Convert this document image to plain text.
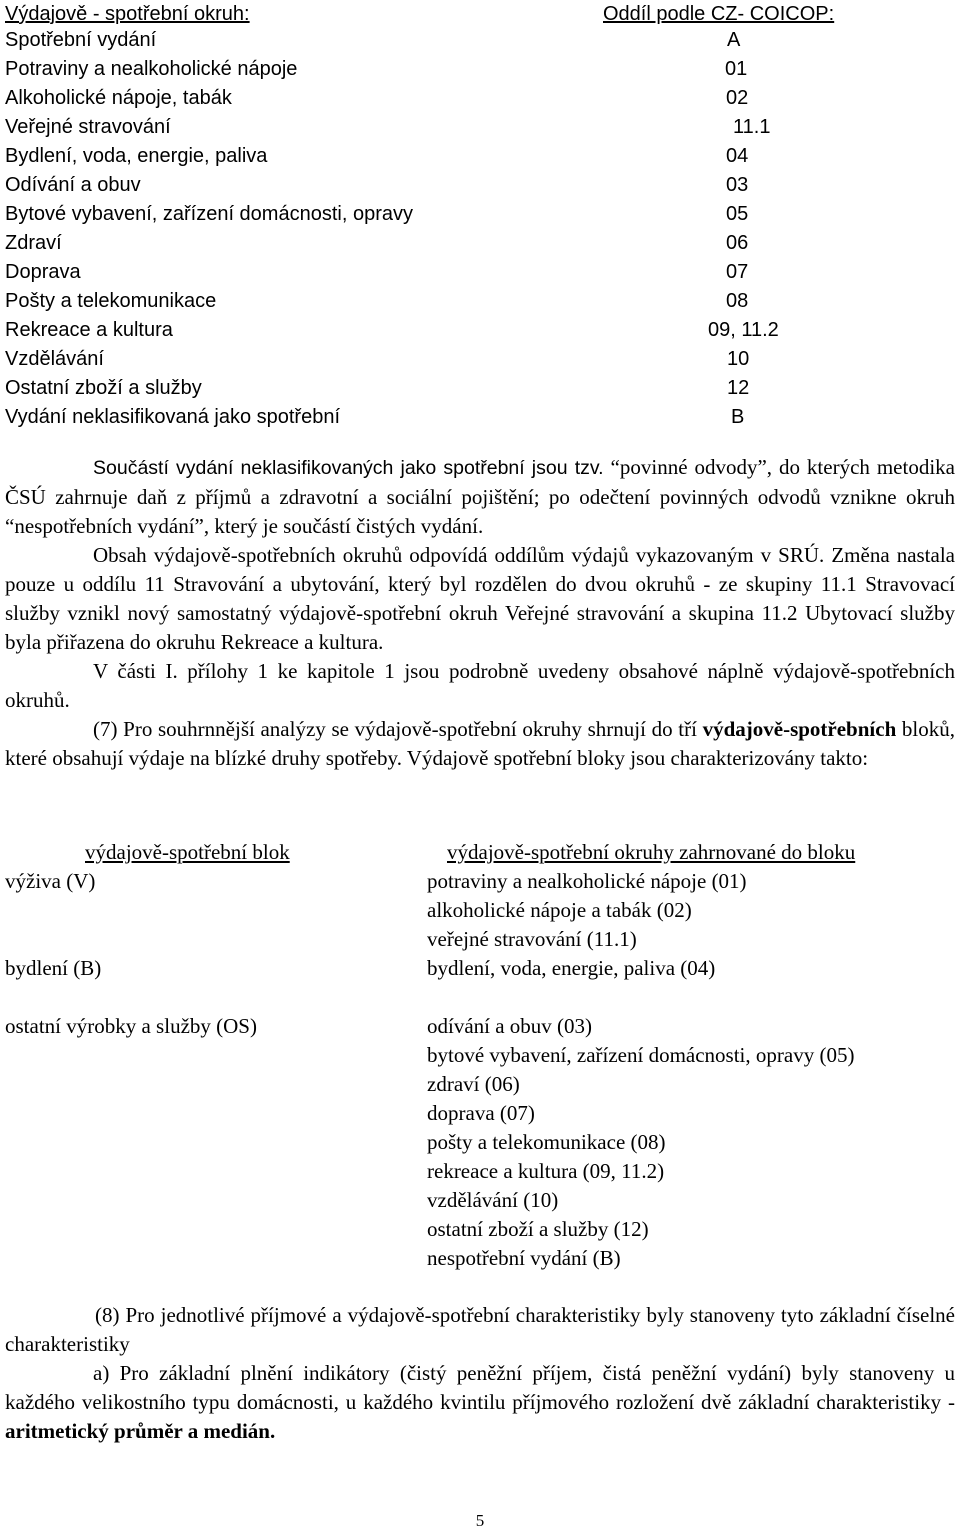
Výdajově - spotřební okruh:	Oddíl podle CZ- COICOP:
Spotřební vydání	A
Potraviny a nealkoholické nápoje	01
Alkoholické nápoje, tabák	02
Veřejné stravování	11.1
Bydlení, voda, energie, paliva	04
Odívání a obuv	03
Bytové vybavení, zařízení domácnosti, opravy	05
Zdraví	06
Doprava	07
Pošty a telekomunikace	08
Rekreace a kultura	09, 11.2
Vzdělávání	10
Ostatní zboží a služby	12
Vydání neklasifikovaná jako spotřební	B

Součástí vydání neklasifikovaných jako spotřební jsou tzv. “povinné odvody”, do kterých metodika ČSÚ zahrnuje daň z příjmů a zdravotní a sociální pojištění; po odečtení povinných odvodů vznikne okruh “nespotřebních vydání”, který je součástí čistých vydání.

Obsah výdajově-spotřebních okruhů odpovídá oddílům výdajů vykazovaným v SRÚ. Změna nastala pouze u oddílu 11 Stravování a ubytování, který byl rozdělen do dvou okruhů - ze skupiny 11.1 Stravovací služby vznikl nový samostatný výdajově-spotřební okruh Veřejné stravování a skupina 11.2 Ubytovací služby byla přiřazena do okruhu Rekreace a kultura.

V části I. přílohy 1 ke kapitole 1 jsou podrobně uvedeny obsahové náplně výdajově-spotřebních okruhů.

(7) Pro souhrnnější analýzy se výdajově-spotřební okruhy shrnují do tří výdajově-spotřebních bloků, které obsahují výdaje na blízké druhy spotřeby. Výdajově spotřební bloky jsou charakterizovány takto:

výdajově-spotřební blok	výdajově-spotřební okruhy zahrnované do bloku
výživa (V)	potraviny a nealkoholické nápoje (01)
alkoholické nápoje a tabák (02)
veřejné stravování (11.1)
bydlení (B)	bydlení, voda, energie, paliva (04)
ostatní výrobky a služby (OS)	odívání a obuv (03)
bytové vybavení, zařízení domácnosti, opravy (05)
zdraví (06)
doprava (07)
pošty a telekomunikace (08)
rekreace a kultura (09, 11.2)
vzdělávání (10)
ostatní zboží a služby (12)
nespotřební vydání (B)

(8) Pro jednotlivé příjmové a výdajově-spotřební charakteristiky byly stanoveny tyto základní číselné charakteristiky

a) Pro základní plnění indikátory (čistý peněžní příjem, čistá peněžní vydání) byly stanoveny u každého velikostního typu domácnosti, u každého kvintilu příjmového rozložení dvě základní charakteristiky - aritmetický průměr a medián.

5
